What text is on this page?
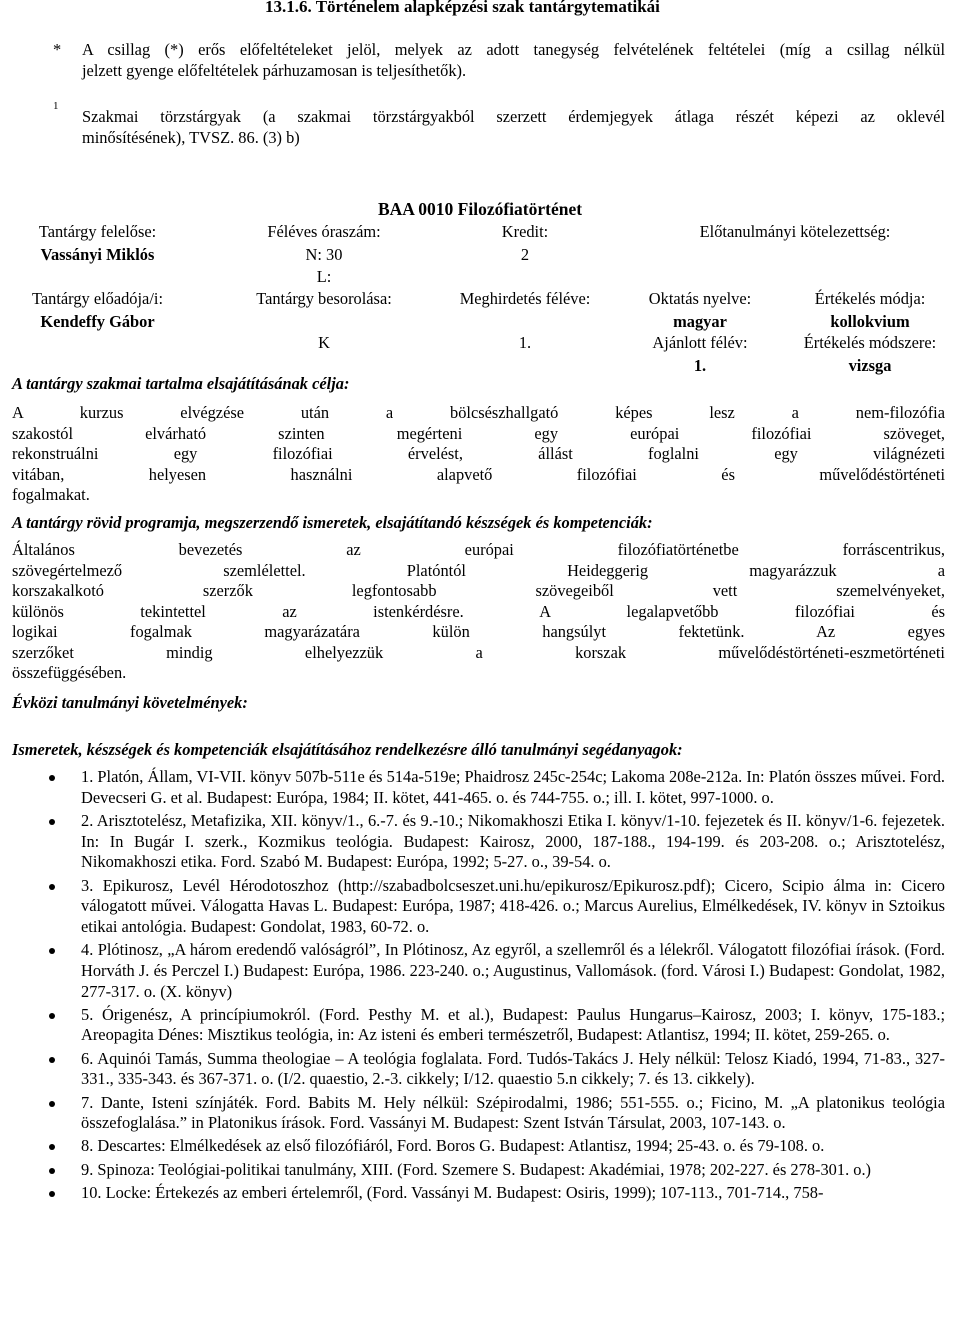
13.1.6. Történelem alapképzési szak tantárgytematikái
* A csillag (*) erős előfeltételeket jelöl, melyek az adott tanegység felvételének feltételei (míg a csillag nélkül
jelzett gyenge előfeltételek párhuzamosan is teljesíthetők).
1
Szakmai törzstárgyak (a szakmai törzstárgyakból szerzett érdemjegyek átlaga részét képezi az oklevél
minősítésének), TVSZ. 86. (3) b)
BAA 0010 Filozófiatörténet
Tantárgy felelőse:
Vassányi Miklós
Tantárgy előadója/i:
Kendeffy Gábor
Féléves óraszám:
N: 30
L:
Tantárgy besorolása:
K
Kredit:
2
Meghirdetés féléve:
1.
Előtanulmányi kötelezettség:
Oktatás nyelve:
magyar
Ajánlott félév:
1.
Értékelés módja:
kollokvium
Értékelés módszere:
vizsga
A tantárgy szakmai tartalma elsajátításának célja:
A kurzus elvégzése után a bölcsészhallgató képes lesz a nem-filozófia
szakostól elvárható szinten megérteni egy európai filozófiai szöveget,
rekonstruálni egy filozófiai érvelést, állást foglalni egy világnézeti
vitában, helyesen használni alapvető filozófiai és művelődéstörténeti
fogalmakat.
A tantárgy rövid programja, megszerzendő ismeretek, elsajátítandó készségek és kompetenciák:
Általános bevezetés az európai filozófiatörténetbe forráscentrikus,
szövegértelmező szemlélettel. Platóntól Heideggerig magyarázzuk a
korszakalkotó szerzők legfontosabb szövegeiből vett szemelvényeket,
különös tekintettel az istenkérdésre. A legalapvetőbb filozófiai és
logikai fogalmak magyarázatára külön hangsúlyt fektetünk. Az egyes
szerzőket mindig elhelyezzük a korszak művelődéstörténeti-eszmetörténeti
összefüggésében.
Évközi tanulmányi követelmények:
Ismeretek, készségek és kompetenciák elsajátításához rendelkezésre álló tanulmányi segédanyagok:
1. Platón, Állam, VI-VII. könyv 507b-511e és 514a-519e; Phaidrosz 245c-254c; Lakoma 208e-212a. In: Platón összes művei. Ford. Devecseri G. et al. Budapest: Európa, 1984; II. kötet, 441-465. o. és 744-755. o.; ill. I. kötet, 997-1000. o.
2. Arisztotelész, Metafizika, XII. könyv/1., 6.-7. és 9.-10.; Nikomakhoszi Etika I. könyv/1-10. fejezetek és II. könyv/1-6. fejezetek. In: In Bugár I. szerk., Kozmikus teológia. Budapest: Kairosz, 2000, 187-188., 194-199. és 203-208. o.; Arisztotelész, Nikomakhoszi etika. Ford. Szabó M. Budapest: Európa, 1992; 5-27. o., 39-54. o.
3. Epikurosz, Levél Hérodotoszhoz (http://szabadbolcseszet.uni.hu/epikurosz/Epikurosz.pdf); Cicero, Scipio álma in: Cicero válogatott művei. Válogatta Havas L. Budapest: Európa, 1987; 418-426. o.; Marcus Aurelius, Elmélkedések, IV. könyv in Sztoikus etikai antológia. Budapest: Gondolat, 1983, 60-72. o.
4. Plótinosz, „A három eredendő valóságról”, In Plótinosz, Az egyről, a szellemről és a lélekről. Válogatott filozófiai írások. (Ford. Horváth J. és Perczel I.) Budapest: Európa, 1986. 223-240. o.; Augustinus, Vallomások. (ford. Városi I.) Budapest: Gondolat, 1982, 277-317. o. (X. könyv)
5. Órigenész, A princípiumokról. (Ford. Pesthy M. et al.), Budapest: Paulus Hungarus–Kairosz, 2003; I. könyv, 175-183.; Areopagita Dénes: Misztikus teológia, in: Az isteni és emberi természetről, Budapest: Atlantisz, 1994; II. kötet, 259-265. o.
6. Aquinói Tamás, Summa theologiae – A teológia foglalata. Ford. Tudós-Takács J. Hely nélkül: Telosz Kiadó, 1994, 71-83., 327-331., 335-343. és 367-371. o. (I/2. quaestio, 2.-3. cikkely; I/12. quaestio 5.n cikkely; 7. és 13. cikkely).
7. Dante, Isteni színjáték. Ford. Babits M. Hely nélkül: Szépirodalmi, 1986; 551-555. o.; Ficino, M. „A platonikus teológia összefoglalása.” in Platonikus írások. Ford. Vassányi M. Budapest: Szent István Társulat, 2003, 107-143. o.
8. Descartes: Elmélkedések az első filozófiáról, Ford. Boros G. Budapest: Atlantisz, 1994; 25-43. o. és 79-108. o.
9. Spinoza: Teológiai-politikai tanulmány, XIII. (Ford. Szemere S. Budapest: Akadémiai, 1978; 202-227. és 278-301. o.)
10. Locke: Értekezés az emberi értelemről, (Ford. Vassányi M. Budapest: Osiris, 1999); 107-113., 701-714., 758-
